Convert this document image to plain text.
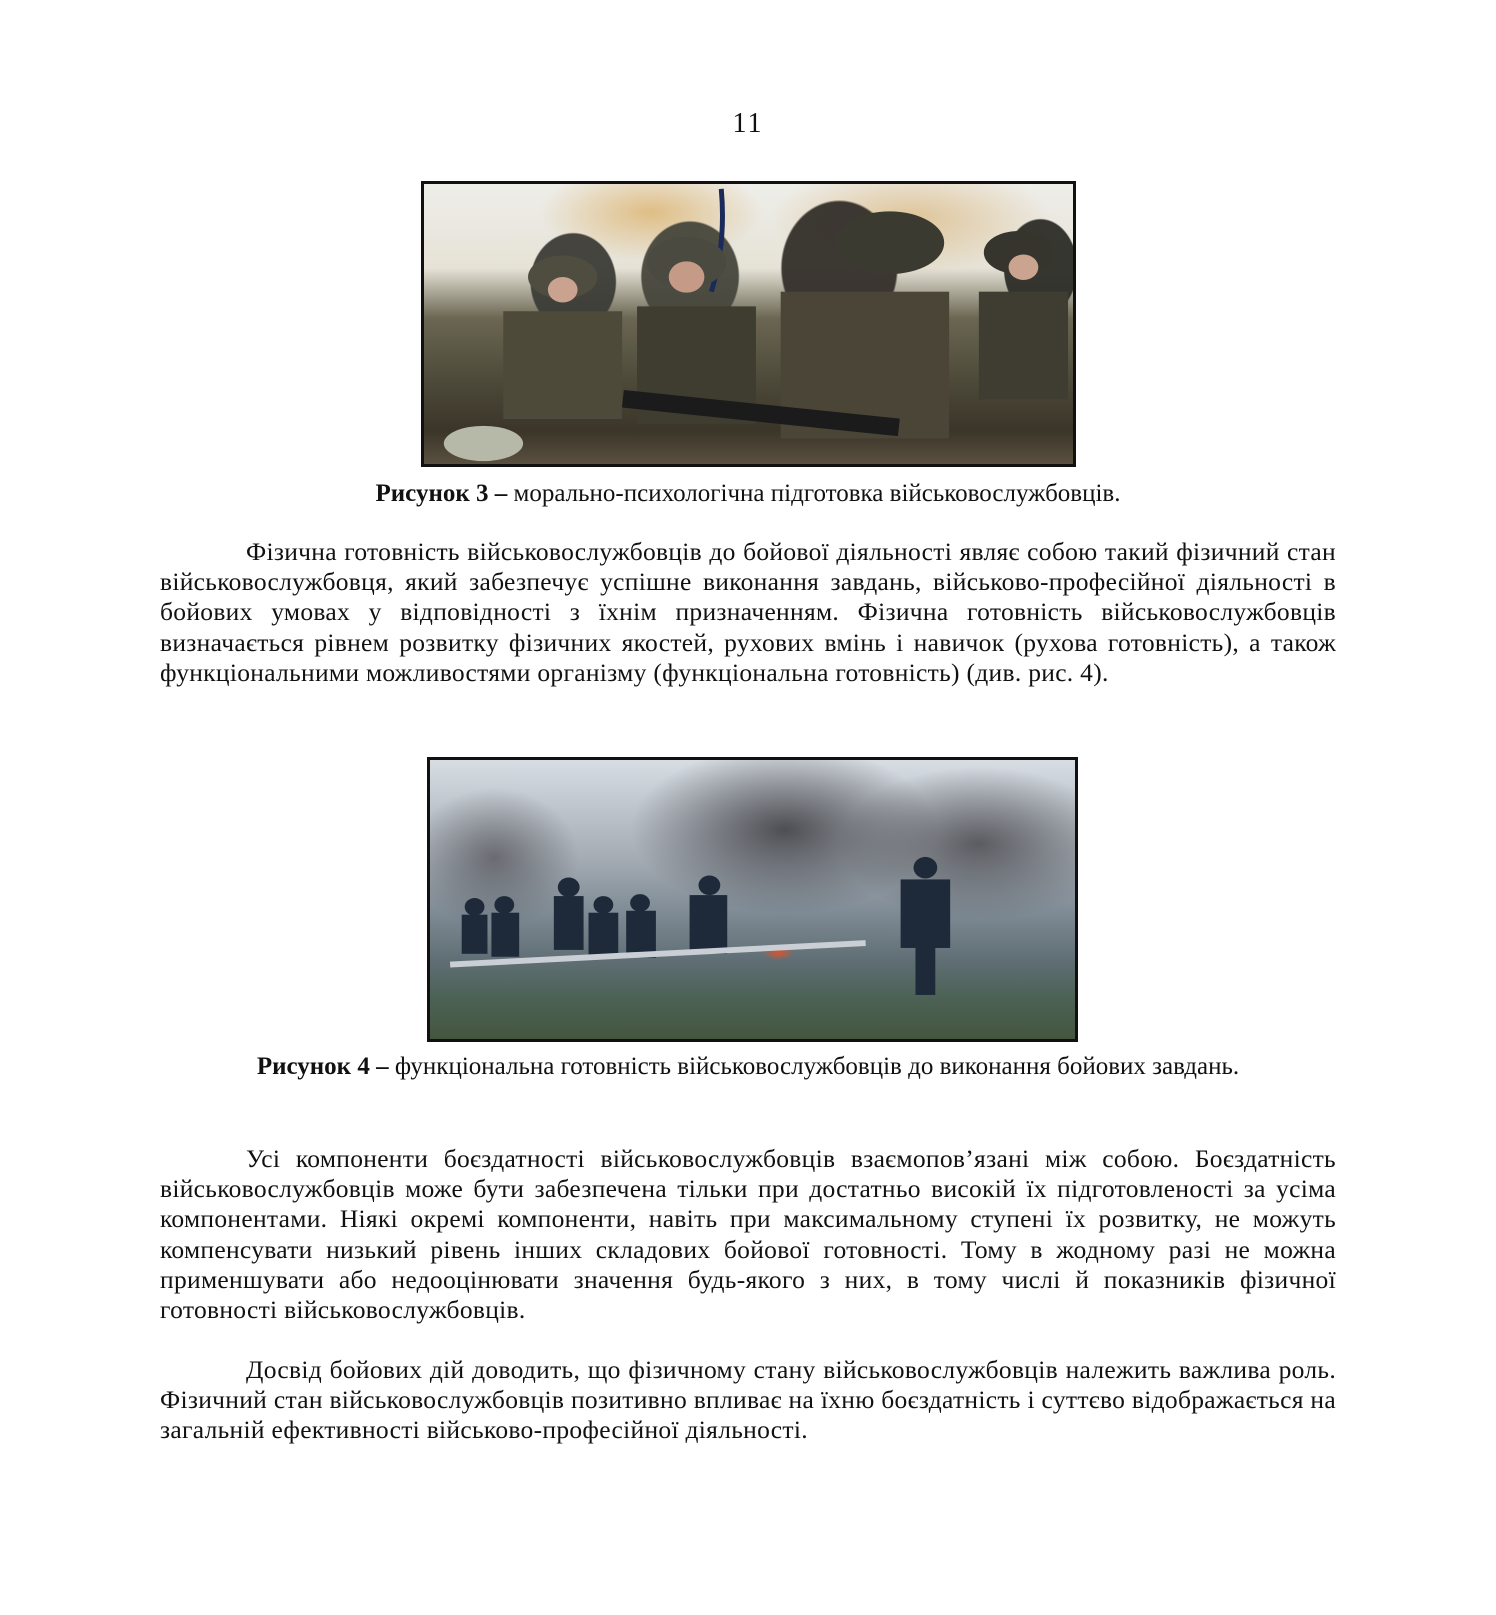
11
Рисунок 3 – морально-психологічна підготовка військовослужбовців.
Фізична готовність військовослужбовців до бойової діяльності являє собою такий фізичний стан військовослужбовця, який забезпечує успішне виконання завдань, військово-професійної діяльності в бойових умовах у відповідності з їхнім призначенням. Фізична готовність військовослужбовців визначається рівнем розвитку фізичних якостей, рухових вмінь і навичок (рухова готовність), а також функціональними можливостями організму (функціональна готовність) (див. рис. 4).
Рисунок 4 – функціональна готовність військовослужбовців до виконання бойових завдань.
Усі компоненти боєздатності військовослужбовців взаємопов’язані між собою. Боєздатність військовослужбовців може бути забезпечена тільки при достатньо високій їх підготовленості за усіма компонентами. Ніякі окремі компоненти, навіть при максимальному ступені їх розвитку, не можуть компенсувати низький рівень інших складових бойової готовності. Тому в жодному разі не можна применшувати або недооцінювати значення будь-якого з них, в тому числі й показників фізичної готовності військовослужбовців.
Досвід бойових дій доводить, що фізичному стану військовослужбовців належить важлива роль. Фізичний стан військовослужбовців позитивно впливає на їхню боєздатність і суттєво відображається на загальній ефективності військово-професійної діяльності.
